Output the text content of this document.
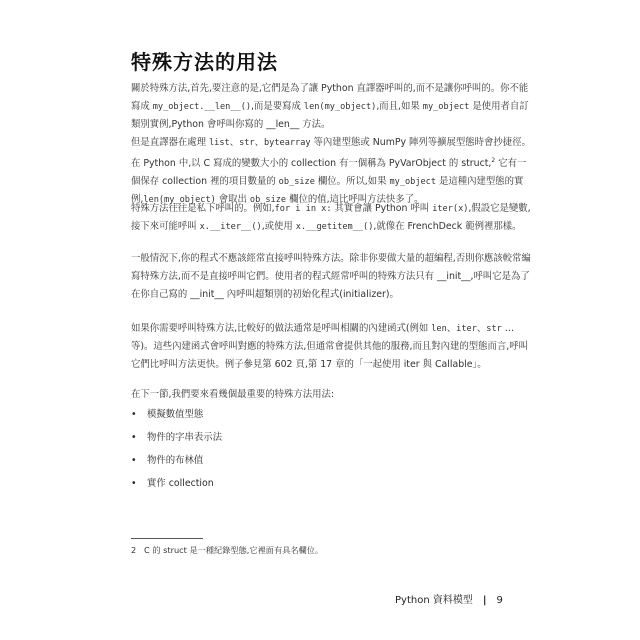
特殊方法的用法

關於特殊方法,首先,要注意的是,它們是為了讓 Python 直譯器呼叫的,而不是讓你呼叫的。你不能寫成 my_object.__len__(),而是要寫成 len(my_object),而且,如果 my_object 是使用者自訂類別實例,Python 會呼叫你寫的 __len__ 方法。

但是直譯器在處理 list、str、bytearray 等內建型態或 NumPy 陣列等擴展型態時會抄捷徑。在 Python 中,以 C 寫成的變數大小的 collection 有一個稱為 PyVarObject 的 struct,$^2$ 它有一個保存 collection 裡的項目數量的 ob_size 欄位。所以,如果 my_object 是這種內建型態的實例,len(my_object) 會取出 ob_size 欄位的值,這比呼叫方法快多了。

特殊方法往往是私下呼叫的。例如,for i in x: 其實會讓 Python 呼叫 iter(x),假設它是變數,接下來可能呼叫 x.__iter__(),或使用 x.__getitem__(),就像在 FrenchDeck 範例裡那樣。

一般情況下,你的程式不應該經常直接呼叫特殊方法。除非你要做大量的超編程,否則你應該較常編寫特殊方法,而不是直接呼叫它們。使用者的程式經常呼叫的特殊方法只有 __init__,呼叫它是為了在你自己寫的 __init__ 內呼叫超類別的初始化程式(initializer)。

如果你需要呼叫特殊方法,比較好的做法通常是呼叫相關的內建函式(例如 len、iter、str …等)。這些內建函式會呼叫對應的特殊方法,但通常會提供其他的服務,而且對內建的型態而言,呼叫它們比呼叫方法更快。例子參見第 602 頁,第 17 章的「一起使用 iter 與 Callable」。

在下一節,我們要來看幾個最重要的特殊方法用法:

• 模擬數值型態
• 物件的字串表示法
• 物件的布林值
• 實作 collection
2 C 的 struct 是一種紀錄型態,它裡面有具名欄位。
Python 資料模型 | 9
